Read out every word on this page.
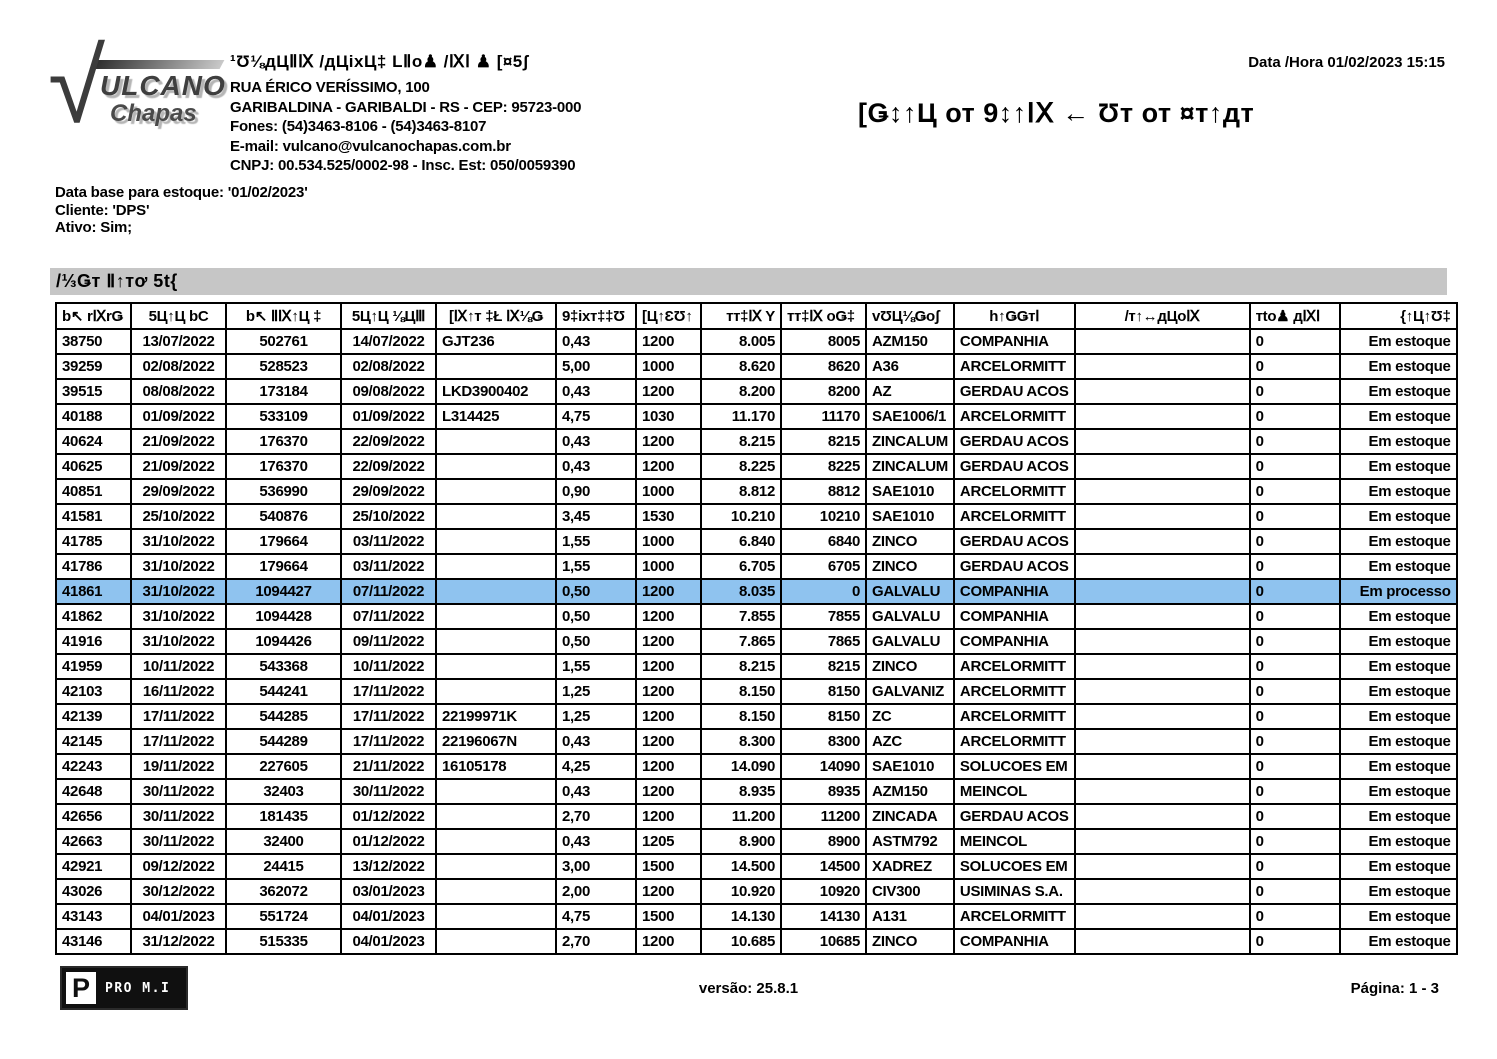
√
ULCANO
Chapas
¹Ʊ⅛дЦⅡⅨ /дЦixЦ‡ LⅡo♟ /ⅨⅠ ♟ [¤5ʃ
RUA ÉRICO VERÍSSIMO, 100
GARIBALDINA - GARIBALDI - RS - CEP: 95723-000
Fones: (54)3463-8106 - (54)3463-8107
E-mail: vulcano@vulcanochapas.com.br
CNPJ: 00.534.525/0002-98 - Insc. Est: 050/0059390
Data /Hora 01/02/2023 15:15
[Ǥ↕↑Ц от 9↕↑ⅠⅩ ← Ʊт от ¤т↑дт
Data base para estoque: '01/02/2023'
Cliente: 'DPS'
Ativo: Sim;
/⅓Ǥт Ⅱ↑тơ 5t{
b↖ rⅨrǤ	5Ц↑Ц bC	b↖ ⅡⅨ↑Ц ‡	5Ц↑Ц ⅛ЦⅢ	[Ⅸ↑т ‡Ł Ⅸ⅛Ǥ	9‡ixт‡‡Ʊ	[Ц↑ƐƱ↑	тт‡Ⅸ Y	тт‡Ⅸ oǤ‡	vƱЦ⅛Ǥoʃ	h↑ǤǤтⅠ	/т↑↔дЦoⅨ	тto♟ дⅨⅠ	{↑Ц↑Ʊ‡
38750	13/07/2022	502761	14/07/2022	GJT236	0,43	1200	8.005	8005	AZM150	COMPANHIA		0	Em estoque
39259	02/08/2022	528523	02/08/2022		5,00	1000	8.620	8620	A36	ARCELORMITT		0	Em estoque
39515	08/08/2022	173184	09/08/2022	LKD3900402	0,43	1200	8.200	8200	AZ	GERDAU ACOS		0	Em estoque
40188	01/09/2022	533109	01/09/2022	L314425	4,75	1030	11.170	11170	SAE1006/1	ARCELORMITT		0	Em estoque
40624	21/09/2022	176370	22/09/2022		0,43	1200	8.215	8215	ZINCALUM	GERDAU ACOS		0	Em estoque
40625	21/09/2022	176370	22/09/2022		0,43	1200	8.225	8225	ZINCALUM	GERDAU ACOS		0	Em estoque
40851	29/09/2022	536990	29/09/2022		0,90	1000	8.812	8812	SAE1010	ARCELORMITT		0	Em estoque
41581	25/10/2022	540876	25/10/2022		3,45	1530	10.210	10210	SAE1010	ARCELORMITT		0	Em estoque
41785	31/10/2022	179664	03/11/2022		1,55	1000	6.840	6840	ZINCO	GERDAU ACOS		0	Em estoque
41786	31/10/2022	179664	03/11/2022		1,55	1000	6.705	6705	ZINCO	GERDAU ACOS		0	Em estoque
41861	31/10/2022	1094427	07/11/2022		0,50	1200	8.035	0	GALVALU	COMPANHIA		0	Em processo
41862	31/10/2022	1094428	07/11/2022		0,50	1200	7.855	7855	GALVALU	COMPANHIA		0	Em estoque
41916	31/10/2022	1094426	09/11/2022		0,50	1200	7.865	7865	GALVALU	COMPANHIA		0	Em estoque
41959	10/11/2022	543368	10/11/2022		1,55	1200	8.215	8215	ZINCO	ARCELORMITT		0	Em estoque
42103	16/11/2022	544241	17/11/2022		1,25	1200	8.150	8150	GALVANIZ	ARCELORMITT		0	Em estoque
42139	17/11/2022	544285	17/11/2022	22199971K	1,25	1200	8.150	8150	ZC	ARCELORMITT		0	Em estoque
42145	17/11/2022	544289	17/11/2022	22196067N	0,43	1200	8.300	8300	AZC	ARCELORMITT		0	Em estoque
42243	19/11/2022	227605	21/11/2022	16105178	4,25	1200	14.090	14090	SAE1010	SOLUCOES EM		0	Em estoque
42648	30/11/2022	32403	30/11/2022		0,43	1200	8.935	8935	AZM150	MEINCOL		0	Em estoque
42656	30/11/2022	181435	01/12/2022		2,70	1200	11.200	11200	ZINCADA	GERDAU ACOS		0	Em estoque
42663	30/11/2022	32400	01/12/2022		0,43	1205	8.900	8900	ASTM792	MEINCOL		0	Em estoque
42921	09/12/2022	24415	13/12/2022		3,00	1500	14.500	14500	XADREZ	SOLUCOES EM		0	Em estoque
43026	30/12/2022	362072	03/01/2023		2,00	1200	10.920	10920	CIV300	USIMINAS S.A.		0	Em estoque
43143	04/01/2023	551724	04/01/2023		4,75	1500	14.130	14130	A131	ARCELORMITT		0	Em estoque
43146	31/12/2022	515335	04/01/2023		2,70	1200	10.685	10685	ZINCO	COMPANHIA		0	Em estoque
P	PRO M.I	versão: 25.8.1	Página: 1 - 3
